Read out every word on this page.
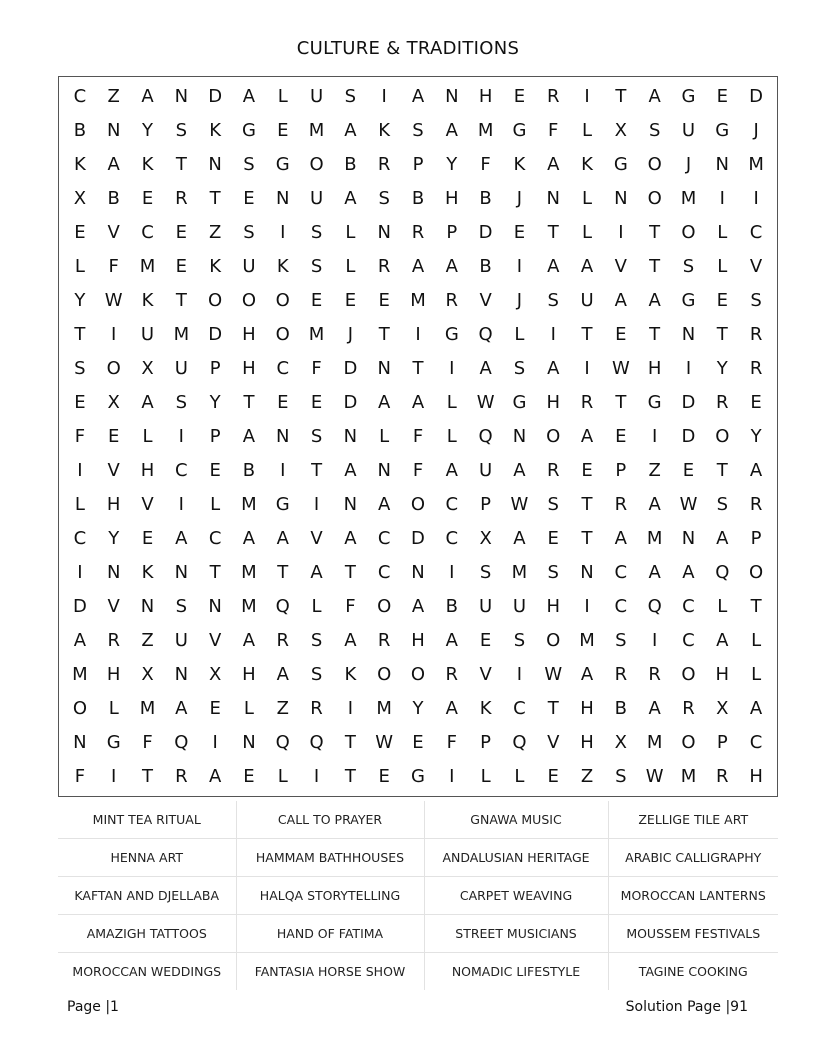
CULTURE & TRADITIONS
C	Z	A	N	D	A	L	U	S	I	A	N	H	E	R	I	T	A	G	E	D
B	N	Y	S	K	G	E	M	A	K	S	A	M	G	F	L	X	S	U	G	J
K	A	K	T	N	S	G	O	B	R	P	Y	F	K	A	K	G	O	J	N	M
X	B	E	R	T	E	N	U	A	S	B	H	B	J	N	L	N	O	M	I	I
E	V	C	E	Z	S	I	S	L	N	R	P	D	E	T	L	I	T	O	L	C
L	F	M	E	K	U	K	S	L	R	A	A	B	I	A	A	V	T	S	L	V
Y	W	K	T	O	O	O	E	E	E	M	R	V	J	S	U	A	A	G	E	S
T	I	U	M	D	H	O	M	J	T	I	G	Q	L	I	T	E	T	N	T	R
S	O	X	U	P	H	C	F	D	N	T	I	A	S	A	I	W	H	I	Y	R
E	X	A	S	Y	T	E	E	D	A	A	L	W G	H	R	T	G	D	R	E
F	E	L	I	P	A	N	S	N	L	F	L	Q	N	O	A	E	I	D	O	Y
I	V	H	C	E	B	I	T	A	N	F	A	U	A	R	E	P	Z	E	T	A
L	H	V	I	L	M	G	I	N	A	O	C	P	W	S	T	R	A	W	S	R
C	Y	E	A	C	A	A	V	A	C	D	C	X	A	E	T	A	M	N	A	P
I	N	K	N	T	M	T	A	T	C	N	I	S	M	S	N	C	A	A	Q	O
D	V	N	S	N	M	Q	L	F	O	A	B	U	U	H	I	C	Q	C	L	T
A	R	Z	U	V	A	R	S	A	R	H	A	E	S	O	M	S	I	C	A	L
M	H	X	N	X	H	A	S	K	O	O	R	V	I	W	A	R	R	O	H	L
O	L	M	A	E	L	Z	R	I	M	Y	A	K	C	T	H	B	A	R	X	A
N	G	F	Q	I	N	Q	Q	T	W	E	F	P	Q	V	H	X	M	O	P	C
F	I	T	R	A	E	L	I	T	E	G	I	L	L	E	Z	S	W M	R	H
MINT TEA RITUAL	CALL TO PRAYER	GNAWA MUSIC	ZELLIGE TILE ART
HENNA ART	HAMMAM BATHHOUSES	ANDALUSIAN HERITAGE	ARABIC CALLIGRAPHY
KAFTAN AND DJELLABA	HALQA STORYTELLING	CARPET WEAVING	MOROCCAN LANTERNS
AMAZIGH TATTOOS	HAND OF FATIMA	STREET MUSICIANS	MOUSSEM FESTIVALS
MOROCCAN WEDDINGS	FANTASIA HORSE SHOW	NOMADIC LIFESTYLE	TAGINE COOKING
Page |1	Solution Page |91
